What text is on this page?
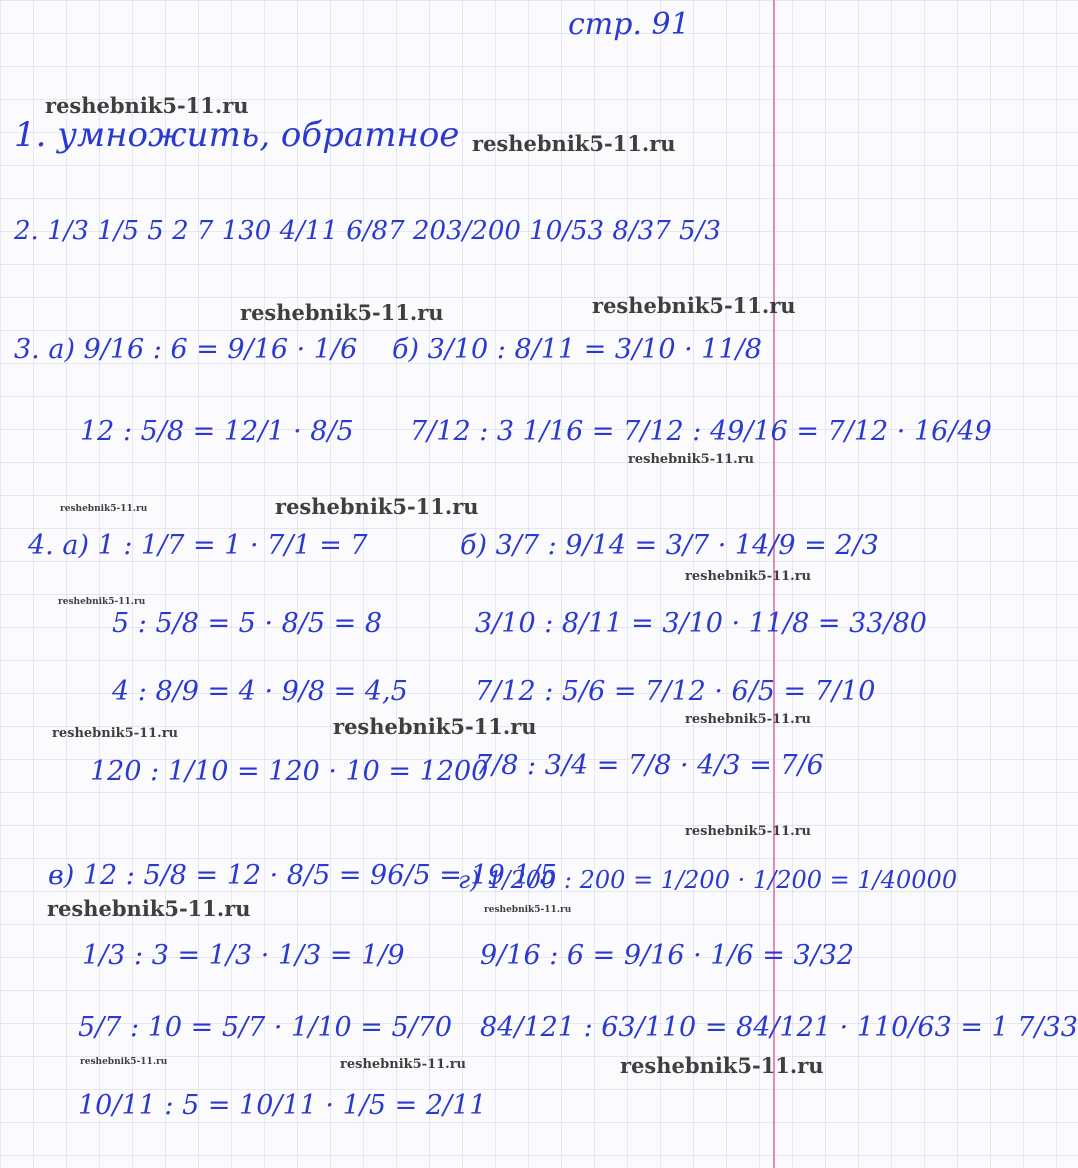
стр. 91
reshebnik5-11.ru
reshebnik5-11.ru
reshebnik5-11.ru	reshebnik5-11.ru
reshebnik5-11.ru
reshebnik5-11.ru	reshebnik5-11.ru
reshebnik5-11.ru
reshebnik5-11.ru
reshebnik5-11.ru	reshebnik5-11.ru	reshebnik5-11.ru
reshebnik5-11.ru
reshebnik5-11.ru	reshebnik5-11.ru
reshebnik5-11.ru	reshebnik5-11.ru	reshebnik5-11.ru
1. умножить, обратное
2. 1/3 1/5 5 2 7 130 4/11 6/87 203/200 10/53 8/37 5/3
3. а) 9/16 : 6 = 9/16 · 1/6
12 : 5/8 = 12/1 · 8/5
б) 3/10 : 8/11 = 3/10 · 11/8
7/12 : 3 1/16 = 7/12 : 49/16 = 7/12 · 16/49
4. а) 1 : 1/7 = 1 · 7/1 = 7
5 : 5/8 = 5 · 8/5 = 8
4 : 8/9 = 4 · 9/8 = 4,5
120 : 1/10 = 120 · 10 = 1200
б) 3/7 : 9/14 = 3/7 · 14/9 = 2/3
3/10 : 8/11 = 3/10 · 11/8 = 33/80
7/12 : 5/6 = 7/12 · 6/5 = 7/10
7/8 : 3/4 = 7/8 · 4/3 = 7/6
в) 12 : 5/8 = 12 · 8/5 = 96/5 = 19 1/5
1/3 : 3 = 1/3 · 1/3 = 1/9
5/7 : 10 = 5/7 · 1/10 = 5/70
10/11 : 5 = 10/11 · 1/5 = 2/11
г) 1/200 : 200 = 1/200 · 1/200 = 1/40000
9/16 : 6 = 9/16 · 1/6 = 3/32
84/121 : 63/110 = 84/121 · 110/63 = 1 7/33
